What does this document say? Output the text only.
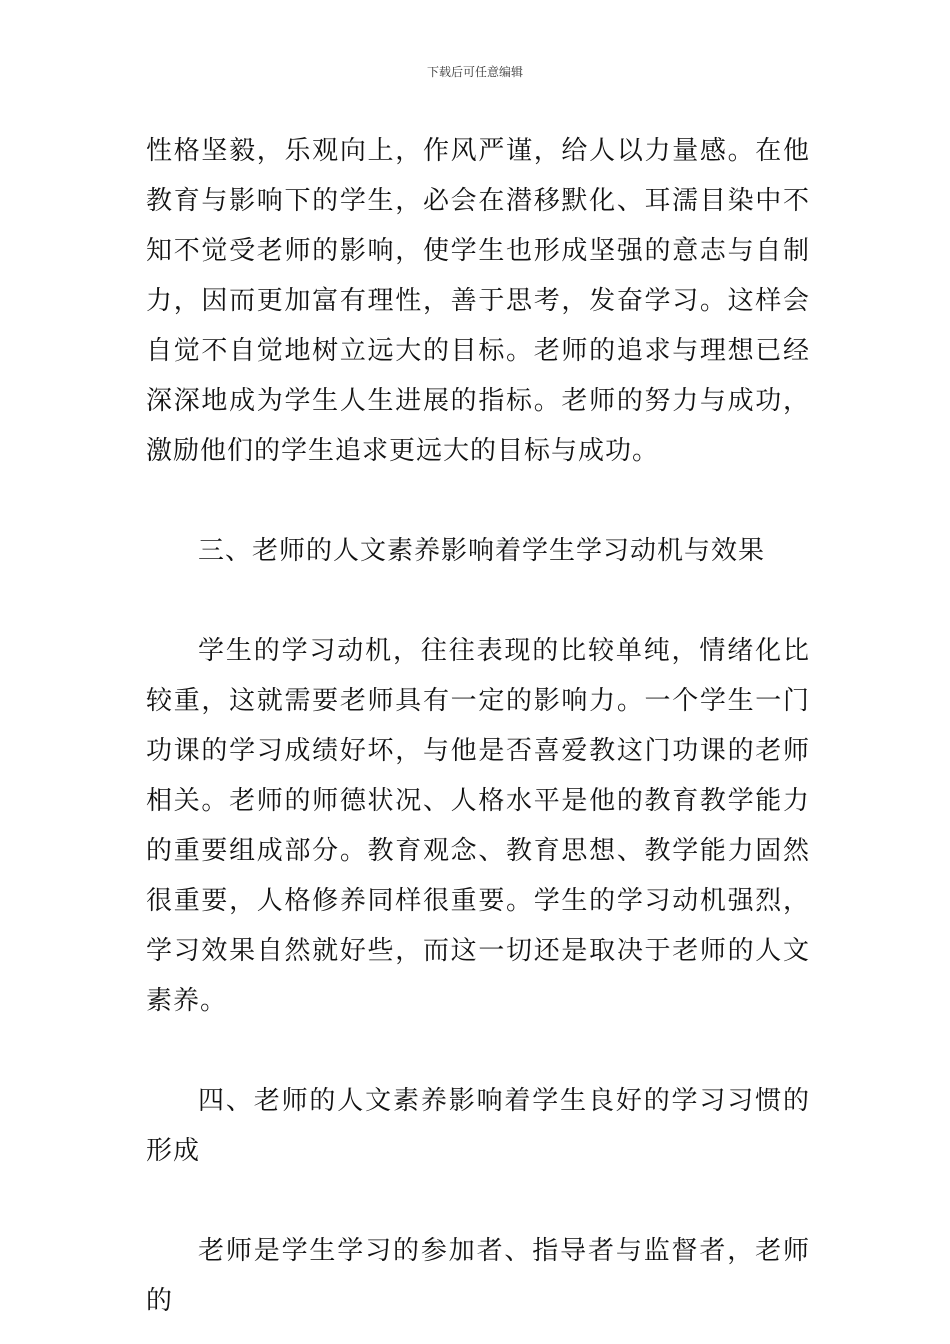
下载后可任意编辑

性格坚毅，乐观向上，作风严谨，给人以力量感。在他教育与影响下的学生，必会在潜移默化、耳濡目染中不知不觉受老师的影响，使学生也形成坚强的意志与自制力，因而更加富有理性，善于思考，发奋学习。这样会自觉不自觉地树立远大的目标。老师的追求与理想已经深深地成为学生人生进展的指标。老师的努力与成功，激励他们的学生追求更远大的目标与成功。

三、老师的人文素养影响着学生学习动机与效果

学生的学习动机，往往表现的比较单纯，情绪化比较重，这就需要老师具有一定的影响力。一个学生一门功课的学习成绩好坏，与他是否喜爱教这门功课的老师相关。老师的师德状况、人格水平是他的教育教学能力的重要组成部分。教育观念、教育思想、教学能力固然很重要，人格修养同样很重要。学生的学习动机强烈，学习效果自然就好些，而这一切还是取决于老师的人文素养。

四、老师的人文素养影响着学生良好的学习习惯的形成

老师是学生学习的参加者、指导者与监督者，老师的
